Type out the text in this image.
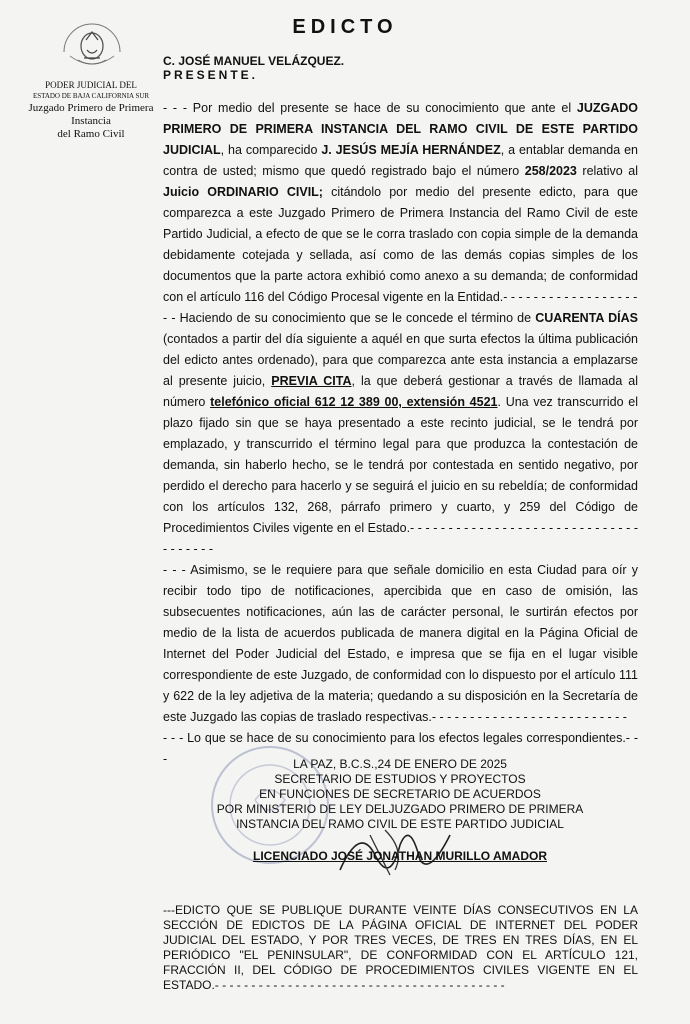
EDICTO
PODER JUDICIAL DEL
ESTADO DE BAJA CALIFORNIA SUR
Juzgado Primero de Primera
Instancia
del Ramo Civil
C. JOSÉ MANUEL VELÁZQUEZ.
PRESENTE.

- - - Por medio del presente se hace de su conocimiento que ante el JUZGADO PRIMERO DE PRIMERA INSTANCIA DEL RAMO CIVIL DE ESTE PARTIDO JUDICIAL, ha comparecido J. JESÚS MEJÍA HERNÁNDEZ, a entablar demanda en contra de usted; mismo que quedó registrado bajo el número 258/2023 relativo al Juicio ORDINARIO CIVIL; citándolo por medio del presente edicto, para que comparezca a este Juzgado Primero de Primera Instancia del Ramo Civil de este Partido Judicial, a efecto de que se le corra traslado con copia simple de la demanda debidamente cotejada y sellada, así como de las demás copias simples de los documentos que la parte actora exhibió como anexo a su demanda; de conformidad con el artículo 116 del Código Procesal vigente en la Entidad.- - - - - - - - - - - - - - - - - -

- - Haciendo de su conocimiento que se le concede el término de CUARENTA DÍAS (contados a partir del día siguiente a aquél en que surta efectos la última publicación del edicto antes ordenado), para que comparezca ante esta instancia a emplazarse al presente juicio, PREVIA CITA, la que deberá gestionar a través de llamada al número telefónico oficial 612 12 389 00, extensión 4521. Una vez transcurrido el plazo fijado sin que se haya presentado a este recinto judicial, se le tendrá por emplazado, y transcurrido el término legal para que produzca la contestación de demanda, sin haberlo hecho, se le tendrá por contestada en sentido negativo, por perdido el derecho para hacerlo y se seguirá el juicio en su rebeldía; de conformidad con los artículos 132, 268, párrafo primero y cuarto, y 259 del Código de Procedimientos Civiles vigente en el Estado.- - - - - - - - - - - - - - - - - - - - - - - - - - - - - - - - - - - - -

- - - Asimismo, se le requiere para que señale domicilio en esta Ciudad para oír y recibir todo tipo de notificaciones, apercibida que en caso de omisión, las subsecuentes notificaciones, aún las de carácter personal, le surtirán efectos por medio de la lista de acuerdos publicada de manera digital en la Página Oficial de Internet del Poder Judicial del Estado, e impresa que se fija en el lugar visible correspondiente de este Juzgado, de conformidad con lo dispuesto por el artículo 111 y 622 de la ley adjetiva de la materia; quedando a su disposición en la Secretaría de este Juzgado las copias de traslado respectivas.- - - - - - - - - - - - - - - - - - - - - - - - - -

- - - Lo que se hace de su conocimiento para los efectos legales correspondientes.- - -	LA PAZ, B.C.S.,24 DE ENERO DE 2025
SECRETARIO DE ESTUDIOS Y PROYECTOS
EN FUNCIONES DE SECRETARIO DE ACUERDOS
POR MINISTERIO DE LEY DELJUZGADO PRIMERO DE PRIMERA
INSTANCIA DEL RAMO CIVIL DE ESTE PARTIDO JUDICIAL
LICENCIADO JOSÉ JONATHAN MURILLO AMADOR
---EDICTO QUE SE PUBLIQUE DURANTE VEINTE DÍAS CONSECUTIVOS EN LA SECCIÓN DE EDICTOS DE LA PÁGINA OFICIAL DE INTERNET DEL PODER JUDICIAL DEL ESTADO, Y POR TRES VECES, DE TRES EN TRES DÍAS, EN EL PERIÓDICO "EL PENINSULAR", DE CONFORMIDAD CON EL ARTÍCULO 121, FRACCIÓN II, DEL CÓDIGO DE PROCEDIMIENTOS CIVILES VIGENTE EN EL ESTADO.- - - - - - - - - - - - - - - - - - - - - - - - - - - - - - - - - - - - - - - -
